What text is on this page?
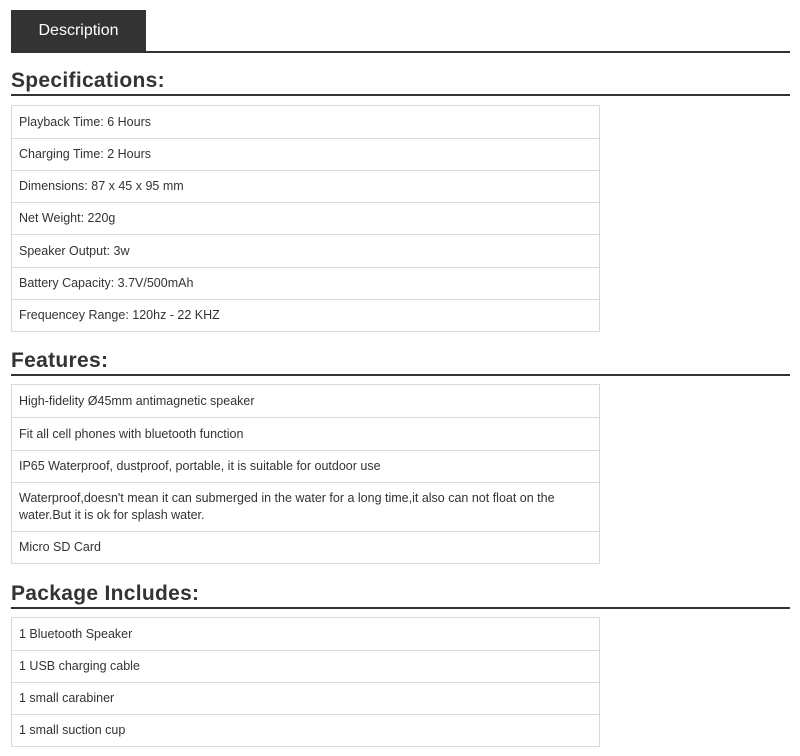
Description
Specifications:
Playback Time: 6 Hours
Charging Time: 2 Hours
Dimensions: 87 x 45 x 95 mm
Net Weight: 220g
Speaker Output: 3w
Battery Capacity: 3.7V/500mAh
Frequencey Range: 120hz - 22 KHZ
Features:
High-fidelity Ø45mm antimagnetic speaker
Fit all cell phones with bluetooth function
IP65 Waterproof, dustproof, portable, it is suitable for outdoor use
Waterproof,doesn't mean it can submerged in the water for a long time,it also can not float on the water.But it is ok for splash water.
Micro SD Card
Package Includes:
1 Bluetooth Speaker
1 USB charging cable
1 small carabiner
1 small suction cup
